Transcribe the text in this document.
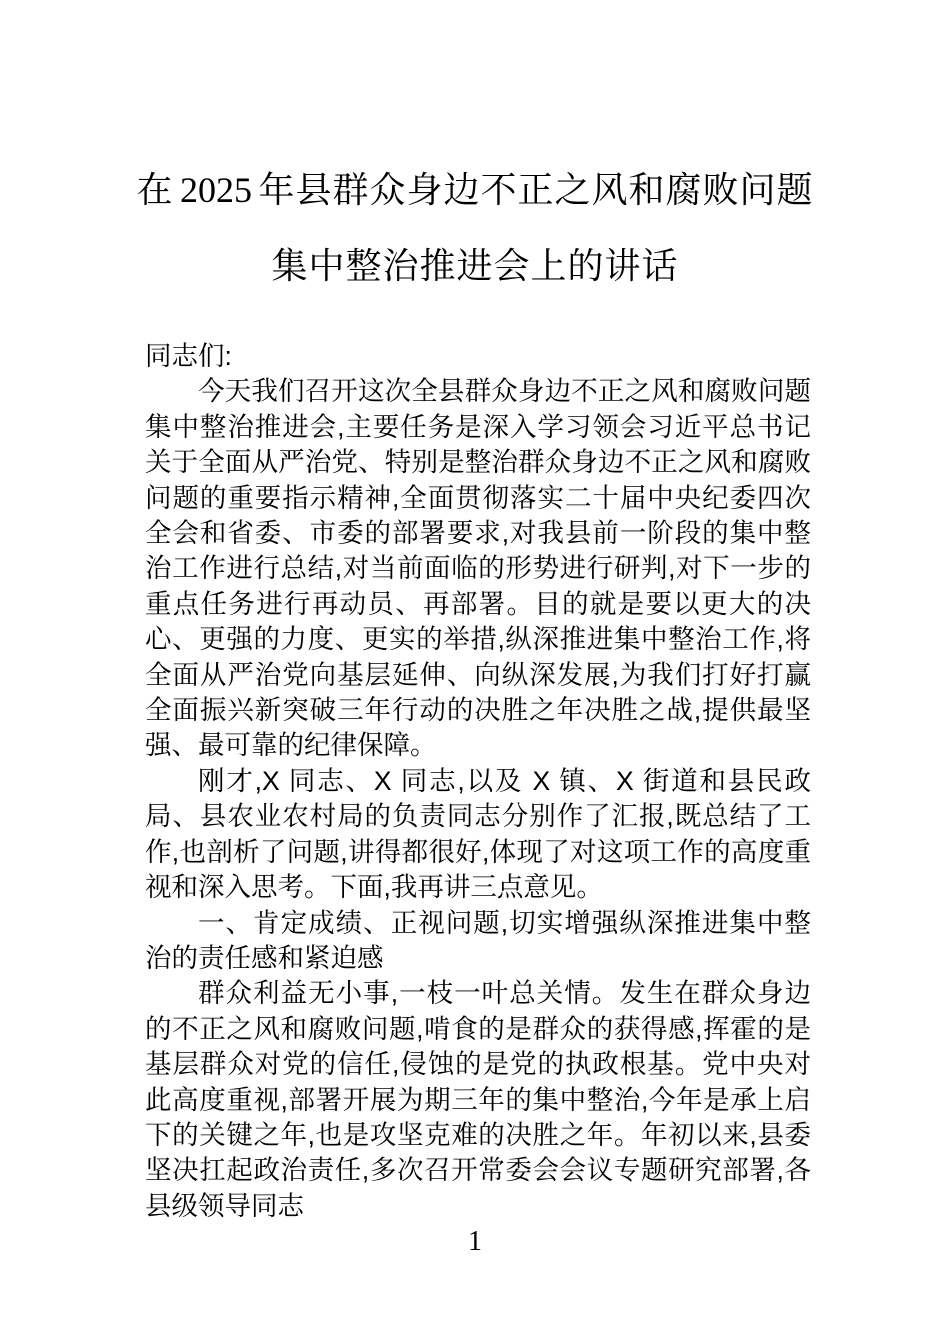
在 2025 年县群众身边不正之风和腐败问题
集中整治推进会上的讲话

同志们:

今天我们召开这次全县群众身边不正之风和腐败问题集中整治推进会,主要任务是深入学习领会习近平总书记关于全面从严治党、特别是整治群众身边不正之风和腐败问题的重要指示精神,全面贯彻落实二十届中央纪委四次全会和省委、市委的部署要求,对我县前一阶段的集中整治工作进行总结,对当前面临的形势进行研判,对下一步的重点任务进行再动员、再部署。目的就是要以更大的决心、更强的力度、更实的举措,纵深推进集中整治工作,将全面从严治党向基层延伸、向纵深发展,为我们打好打赢全面振兴新突破三年行动的决胜之年决胜之战,提供最坚强、最可靠的纪律保障。

刚才,X 同志、X 同志,以及 X 镇、X 街道和县民政局、县农业农村局的负责同志分别作了汇报,既总结了工作,也剖析了问题,讲得都很好,体现了对这项工作的高度重视和深入思考。下面,我再讲三点意见。

一、肯定成绩、正视问题,切实增强纵深推进集中整治的责任感和紧迫感

群众利益无小事,一枝一叶总关情。发生在群众身边的不正之风和腐败问题,啃食的是群众的获得感,挥霍的是基层群众对党的信任,侵蚀的是党的执政根基。党中央对此高度重视,部署开展为期三年的集中整治,今年是承上启下的关键之年,也是攻坚克难的决胜之年。年初以来,县委坚决扛起政治责任,多次召开常委会会议专题研究部署,各县级领导同志

1
